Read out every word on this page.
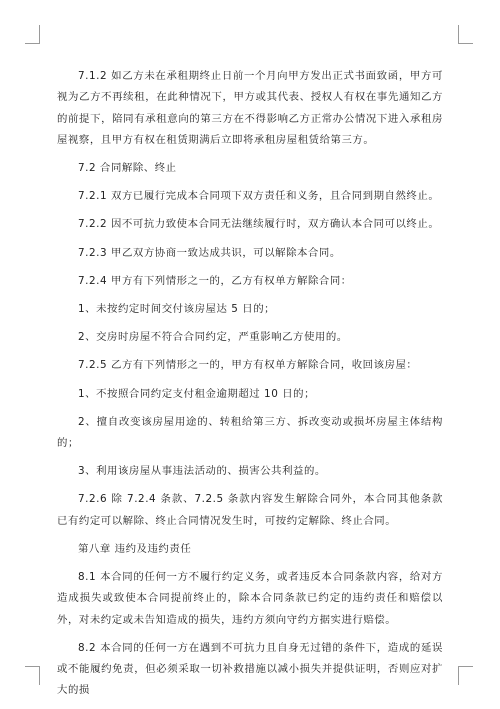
7.1.2 如乙方未在承租期终止日前一个月向甲方发出正式书面致函，甲方可视为乙方不再续租，在此种情况下，甲方或其代表、授权人有权在事先通知乙方的前提下，陪同有承租意向的第三方在不得影响乙方正常办公情况下进入承租房屋视察，且甲方有权在租赁期满后立即将承租房屋租赁给第三方。

7.2 合同解除、终止

7.2.1 双方已履行完成本合同项下双方责任和义务，且合同到期自然终止。

7.2.2 因不可抗力致使本合同无法继续履行时，双方确认本合同可以终止。

7.2.3 甲乙双方协商一致达成共识，可以解除本合同。

7.2.4 甲方有下列情形之一的，乙方有权单方解除合同：

1、未按约定时间交付该房屋达 5 日的；

2、交房时房屋不符合合同约定，严重影响乙方使用的。

7.2.5 乙方有下列情形之一的，甲方有权单方解除合同，收回该房屋：

1、不按照合同约定支付租金逾期超过 10 日的；

2、擅自改变该房屋用途的、转租给第三方、拆改变动或损坏房屋主体结构的；

3、利用该房屋从事违法活动的、损害公共利益的。

7.2.6 除 7.2.4 条款、7.2.5 条款内容发生解除合同外，本合同其他条款已有约定可以解除、终止合同情况发生时，可按约定解除、终止合同。

第八章 违约及违约责任

8.1 本合同的任何一方不履行约定义务，或者违反本合同条款内容，给对方造成损失或致使本合同提前终止的，除本合同条款已约定的违约责任和赔偿以外，对未约定或未告知造成的损失，违约方须向守约方据实进行赔偿。

8.2 本合同的任何一方在遇到不可抗力且自身无过错的条件下，造成的延误或不能履约免责，但必须采取一切补救措施以减小损失并提供证明，否则应对扩大的损
